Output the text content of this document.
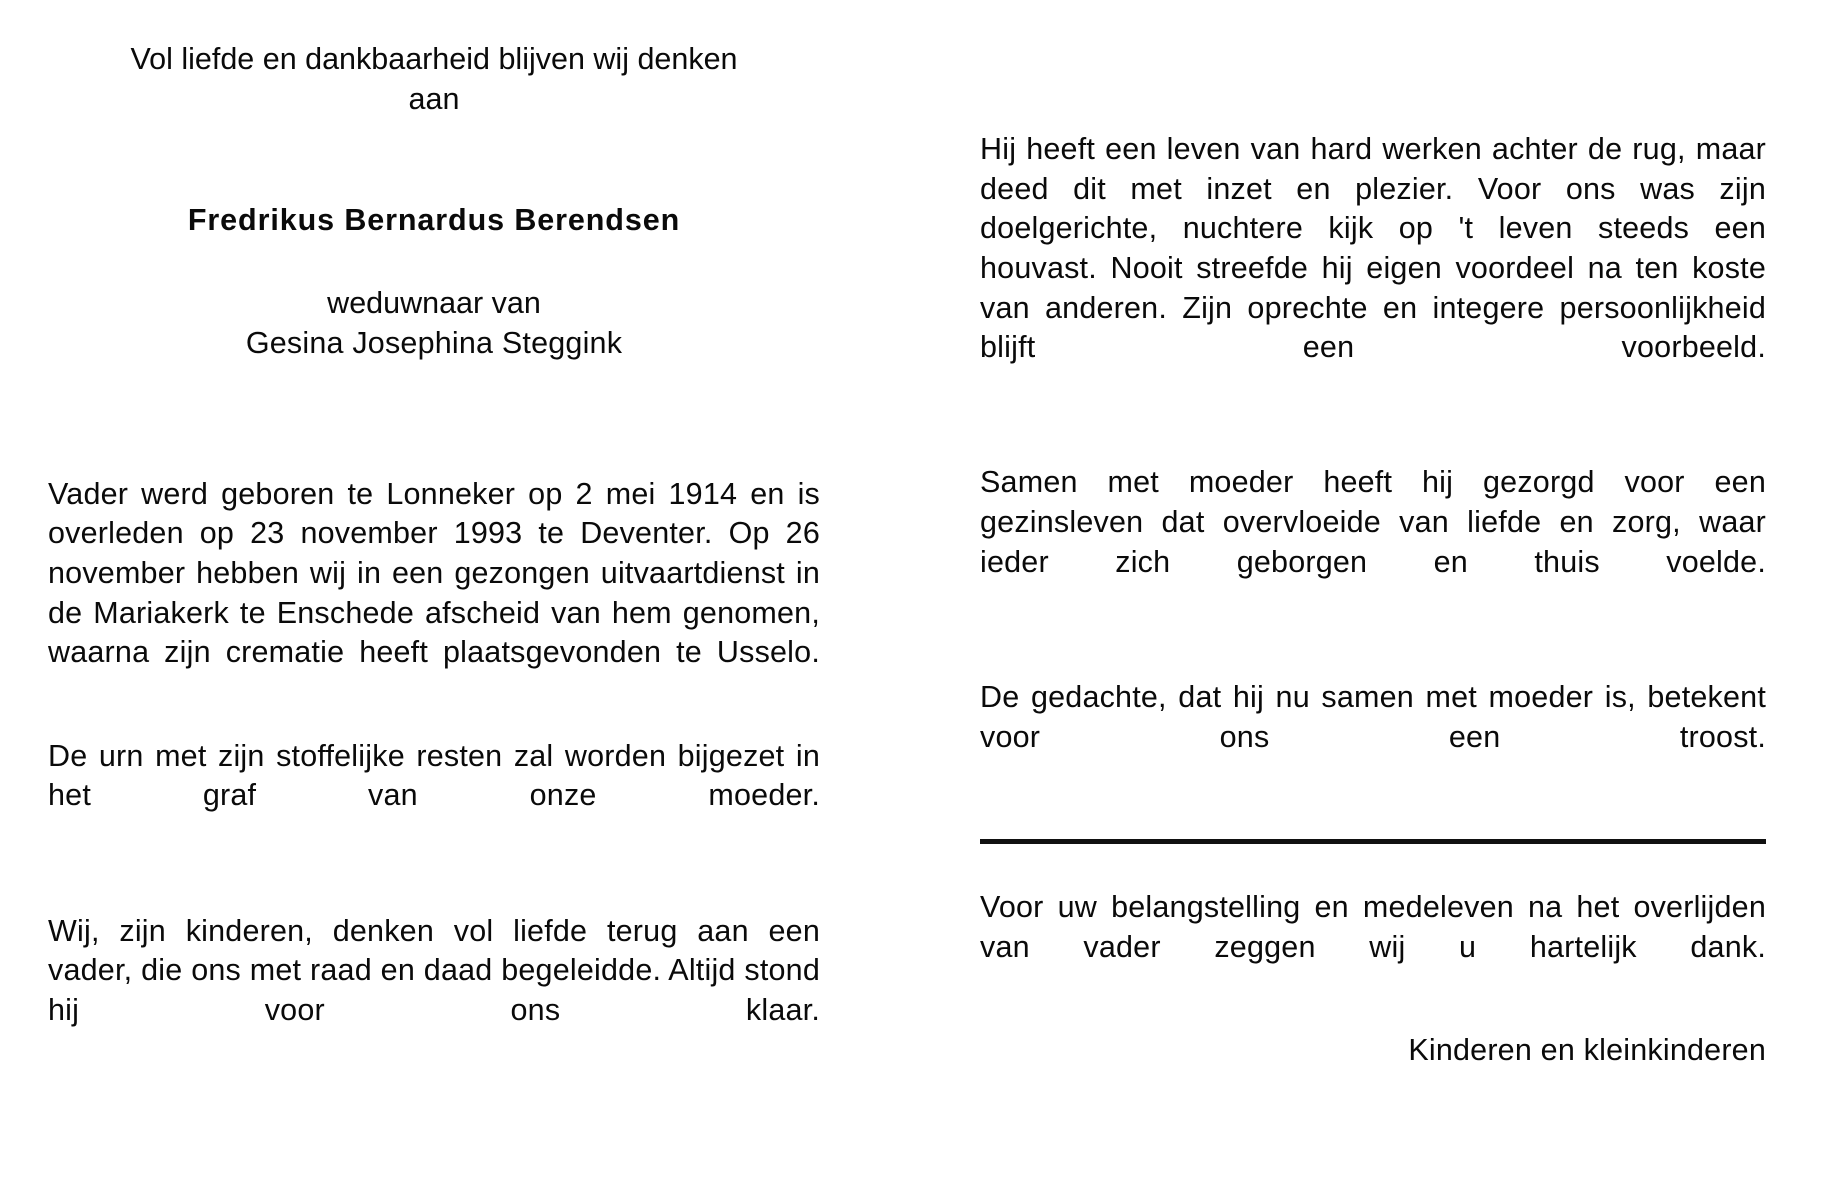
Vol liefde en dankbaarheid blijven wij denken aan

Fredrikus Bernardus Berendsen

weduwnaar van

Gesina Josephina Steggink

Vader werd geboren te Lonneker op 2 mei 1914 en is overleden op 23 november 1993 te Deventer. Op 26 november hebben wij in een gezongen uitvaartdienst in de Mariakerk te Enschede afscheid van hem genomen, waarna zijn crematie heeft plaatsgevonden te Usselo.

De urn met zijn stoffelijke resten zal worden bijgezet in het graf van onze moeder.

Wij, zijn kinderen, denken vol liefde terug aan een vader, die ons met raad en daad begeleidde. Altijd stond hij voor ons klaar.

Hij heeft een leven van hard werken achter de rug, maar deed dit met inzet en plezier. Voor ons was zijn doelgerichte, nuchtere kijk op 't leven steeds een houvast. Nooit streefde hij eigen voordeel na ten koste van anderen. Zijn oprechte en integere persoonlijkheid blijft een voorbeeld.

Samen met moeder heeft hij gezorgd voor een gezinsleven dat overvloeide van liefde en zorg, waar ieder zich geborgen en thuis voelde.

De gedachte, dat hij nu samen met moeder is, betekent voor ons een troost.

Voor uw belangstelling en medeleven na het overlijden van vader zeggen wij u hartelijk dank.

Kinderen en kleinkinderen
